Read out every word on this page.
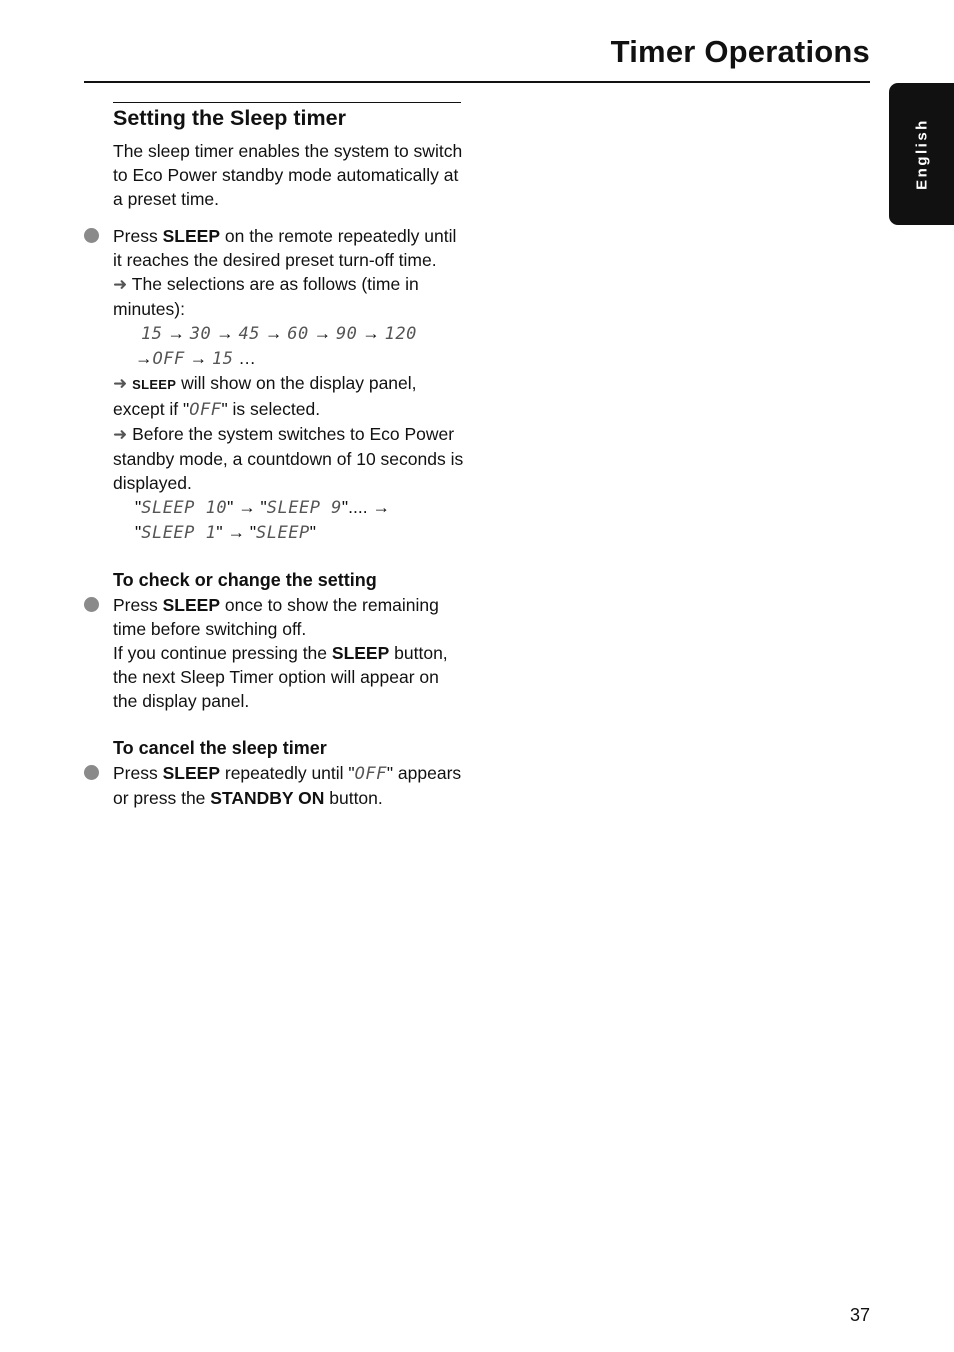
Timer Operations
English
Setting the Sleep timer

The sleep timer enables the system to switch to Eco Power standby mode automatically at a preset time.

Press SLEEP on the remote repeatedly until it reaches the desired preset turn-off time.

➜ The selections are as follows (time in minutes):

15 → 30 → 45 → 60 → 90 → 120

→OFF → 15 …

➜ SLEEP will show on the display panel, except if "OFF" is selected.

➜ Before the system switches to Eco Power standby mode, a countdown of 10 seconds is displayed.

"SLEEP 10" → "SLEEP 9".... →

"SLEEP 1" → "SLEEP"

To check or change the setting

Press SLEEP once to show the remaining time before switching off.

If you continue pressing the SLEEP button, the next Sleep Timer option will appear on the display panel.

To cancel the sleep timer

Press SLEEP repeatedly until "OFF" appears or press the STANDBY ON button.

37
